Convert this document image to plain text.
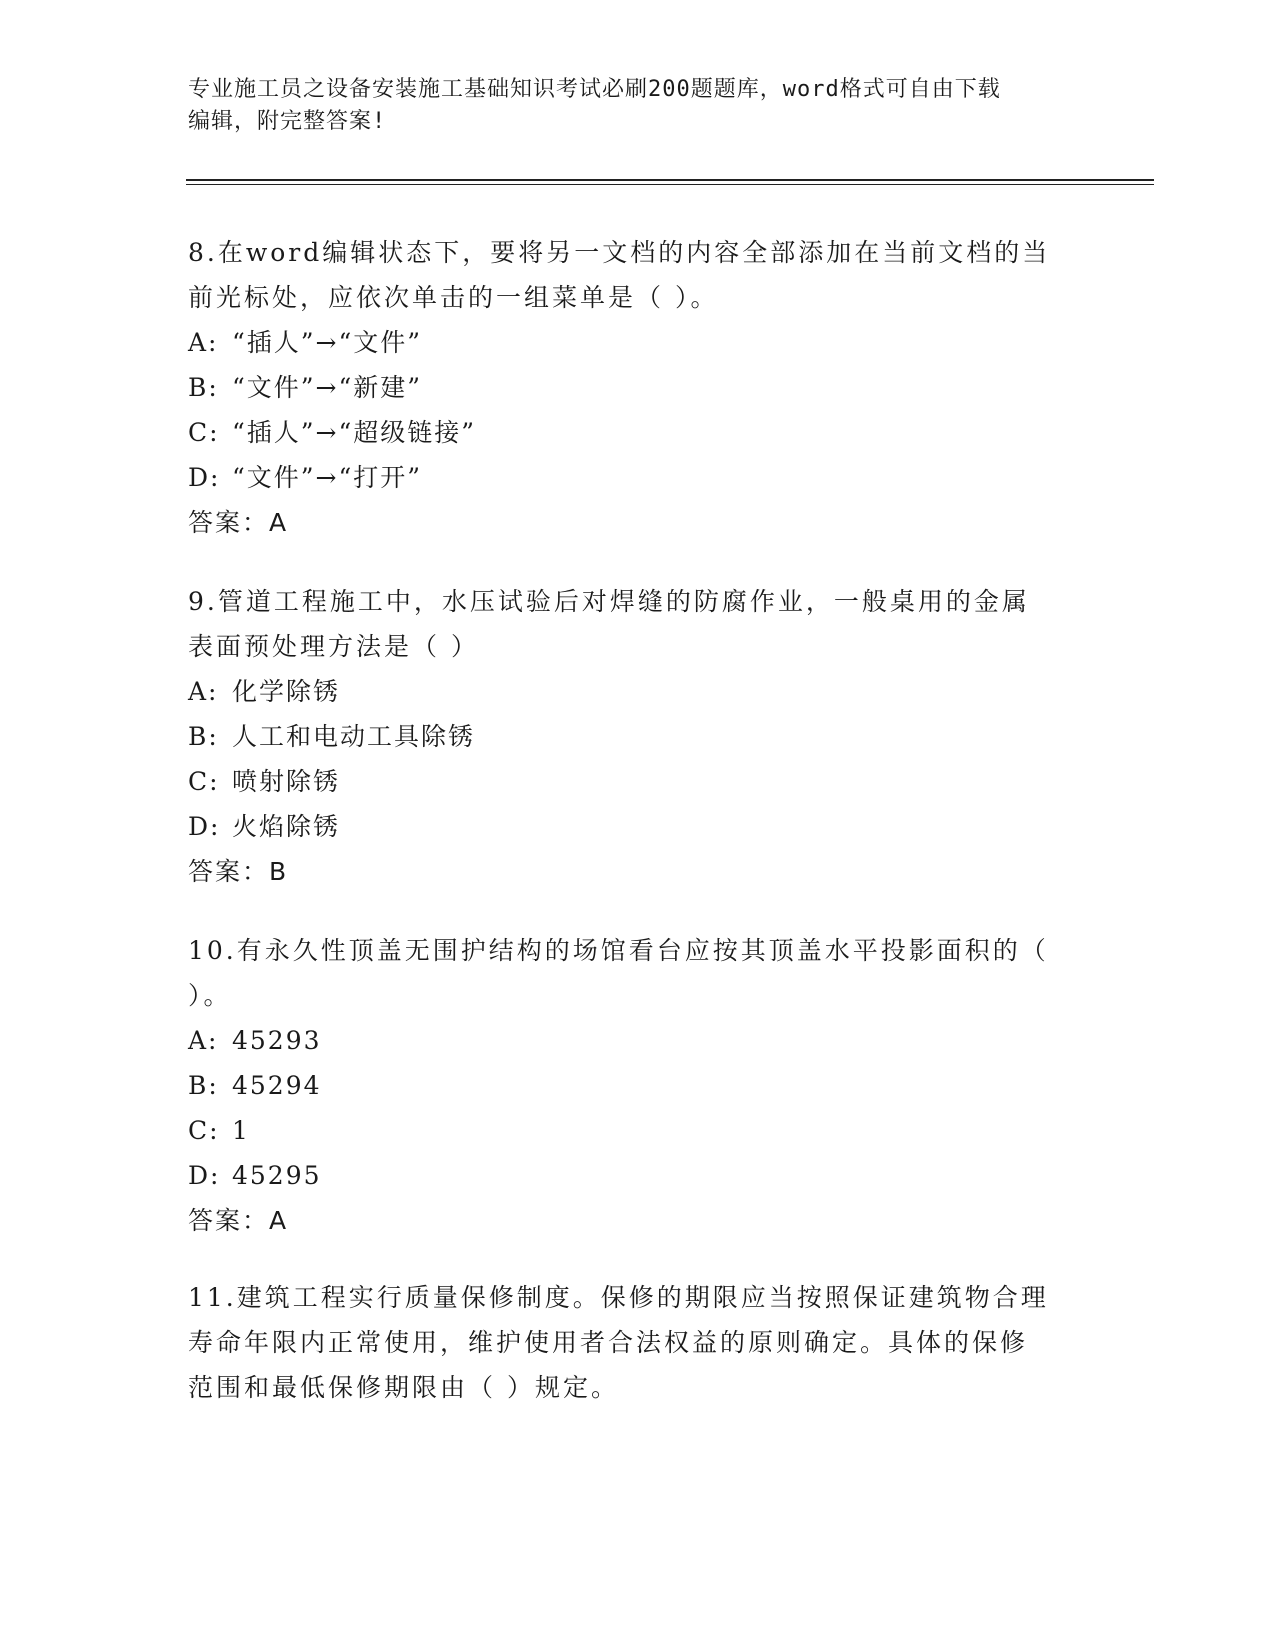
专业施工员之设备安装施工基础知识考试必刷200题题库，word格式可自由下载
编辑，附完整答案!

8.在word编辑状态下，要将另一文档的内容全部添加在当前文档的当

前光标处，应依次单击的一组菜单是（ ）。

A: “插人”→“文件”

B: “文件”→“新建”

C: “插人”→“超级链接”

D: “文件”→“打开”

答案：A

9.管道工程施工中，水压试验后对焊缝的防腐作业，一般桌用的金属

表面预处理方法是（ ）

A: 化学除锈

B: 人工和电动工具除锈

C: 喷射除锈

D: 火焰除锈

答案：B

10.有永久性顶盖无围护结构的场馆看台应按其顶盖水平投影面积的（

）。

A: 45293

B: 45294

C: 1

D: 45295

答案：A

11.建筑工程实行质量保修制度。保修的期限应当按照保证建筑物合理

寿命年限内正常使用，维护使用者合法权益的原则确定。具体的保修

范围和最低保修期限由（ ）规定。
